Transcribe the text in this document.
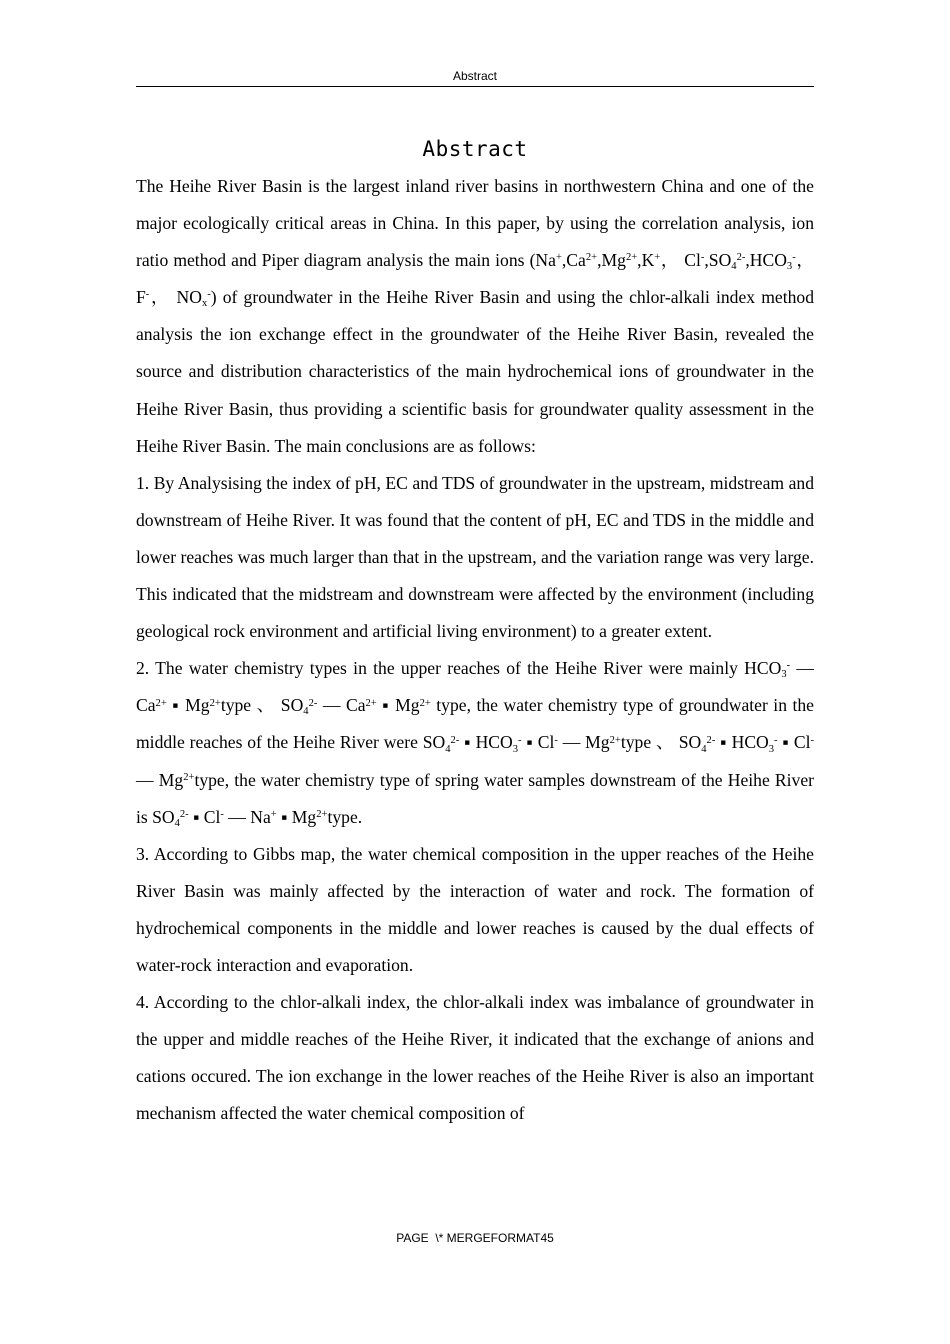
Abstract
Abstract

The Heihe River Basin is the largest inland river basins in northwestern China and one of the major ecologically critical areas in China. In this paper, by using the correlation analysis, ion ratio method and Piper diagram analysis the main ions ($Na^+,Ca^{2+},Mg^{2+},K^+$， $Cl^-,SO_4^{2-},HCO_3^-$， F-， $NO_x^-$) of groundwater in the Heihe River Basin and using the chlor-alkali index method analysis the ion exchange effect in the groundwater of the Heihe River Basin, revealed the source and distribution characteristics of the main hydrochemical ions of groundwater in the Heihe River Basin, thus providing a scientific basis for groundwater quality assessment in the Heihe River Basin. The main conclusions are as follows:

1. By Analysising the index of pH, EC and TDS of groundwater in the upstream, midstream and downstream of Heihe River. It was found that the content of pH, EC and TDS in the middle and lower reaches was much larger than that in the upstream, and the variation range was very large. This indicated that the midstream and downstream were affected by the environment (including geological rock environment and artificial living environment) to a greater extent.

2. The water chemistry types in the upper reaches of the Heihe River were mainly $HCO_3^-$ — $Ca^{2+}$ ▪ $Mg^{2+}type$ 、 $SO_4^{2-}$ — $Ca^{2+}$ ▪ $Mg^{2+}$ type, the water chemistry type of groundwater in the middle reaches of the Heihe River were $SO_4^{2-}$ ▪ $HCO_3^-$ ▪ Cl- — $Mg^{2+}type$ 、 $SO_4^{2-}$ ▪ $HCO_3^-$ ▪ Cl- — $Mg^{2+}type$, the water chemistry type of spring water samples downstream of the Heihe River is $SO_4^{2-}$ ▪ Cl- — Na+ ▪ $Mg^{2+}type$.

3. According to Gibbs map, the water chemical composition in the upper reaches of the Heihe River Basin was mainly affected by the interaction of water and rock. The formation of hydrochemical components in the middle and lower reaches is caused by the dual effects of water-rock interaction and evaporation.

4. According to the chlor-alkali index, the chlor-alkali index was imbalance of groundwater in the upper and middle reaches of the Heihe River, it indicated that the exchange of anions and cations occured. The ion exchange in the lower reaches of the Heihe River is also an important mechanism affected the water chemical composition of

PAGE  \* MERGEFORMAT45
